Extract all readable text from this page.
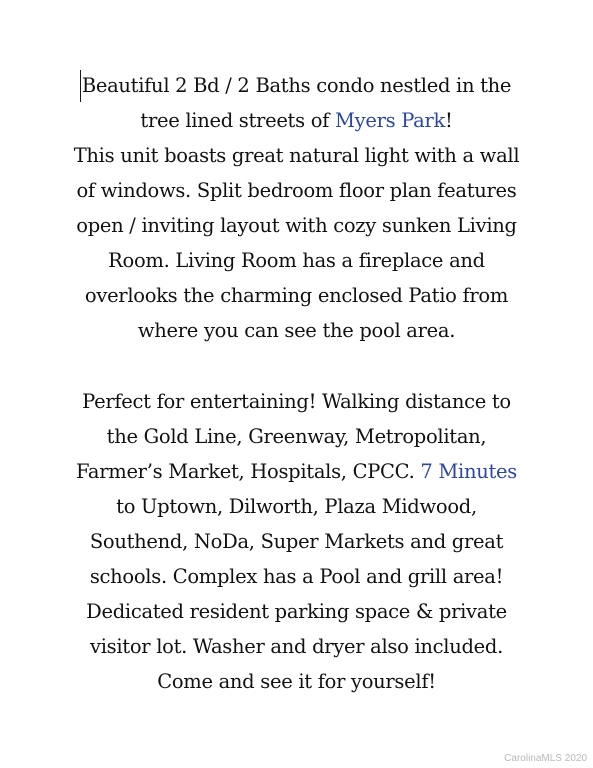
Beautiful 2 Bd / 2 Baths condo nestled in the
tree lined streets of Myers Park!
This unit boasts great natural light with a wall
of windows. Split bedroom floor plan features
open / inviting layout with cozy sunken Living
Room. Living Room has a fireplace and
overlooks the charming enclosed Patio from
where you can see the pool area.
Perfect for entertaining! Walking distance to
the Gold Line, Greenway, Metropolitan,
Farmer’s Market, Hospitals, CPCC. 7 Minutes
to Uptown, Dilworth, Plaza Midwood,
Southend, NoDa, Super Markets and great
schools. Complex has a Pool and grill area!
Dedicated resident parking space & private
visitor lot. Washer and dryer also included.
Come and see it for yourself!
CarolinaMLS 2020
